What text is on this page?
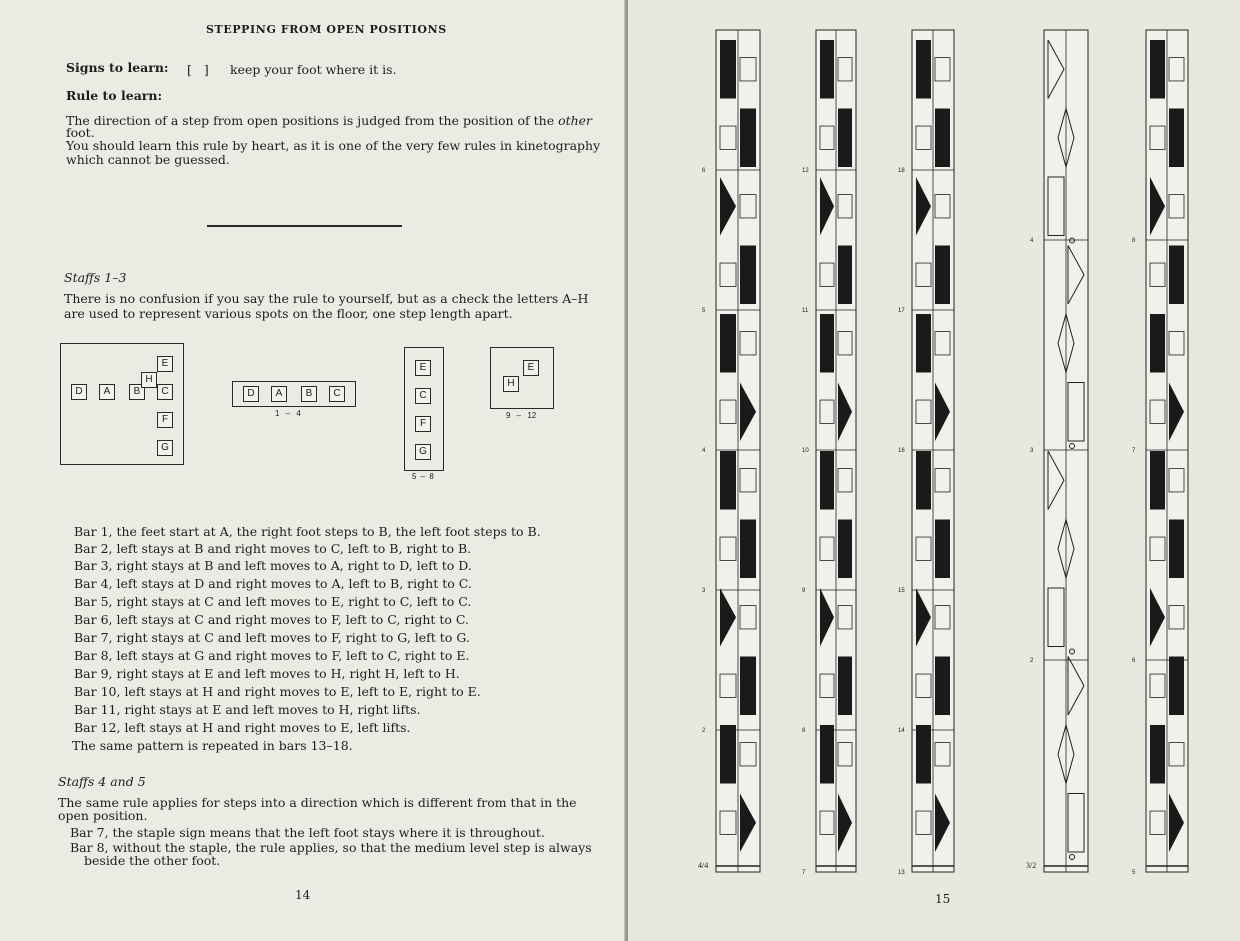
STEPPING FROM OPEN POSITIONS
Signs to learn: [ ] keep your foot where it is.
Rule to learn:
The direction of a step from open positions is judged from the position of the other
foot.
You should learn this rule by heart, as it is one of the very few rules in kinetography
which cannot be guessed.
Staffs 1–3
There is no confusion if you say the rule to yourself, but as a check the letters A–H
are used to represent various spots on the floor, one step length apart.
D	A	B	C
E
F
G
H
D	A	B	C
1 – 4
E
C
F
G
5 – 8
E
H
9 – 12
Bar 1, the feet start at A, the right foot steps to B, the left foot steps to B.
Bar 2, left stays at B and right moves to C, left to B, right to B.
Bar 3, right stays at B and left moves to A, right to D, left to D.
Bar 4, left stays at D and right moves to A, left to B, right to C.
Bar 5, right stays at C and left moves to E, right to C, left to C.
Bar 6, left stays at C and right moves to F, left to C, right to C.
Bar 7, right stays at C and left moves to F, right to G, left to G.
Bar 8, left stays at G and right moves to F, left to C, right to E.
Bar 9, right stays at E and left moves to H, right H, left to H.
Bar 10, left stays at H and right moves to E, left to E, right to E.
Bar 11, right stays at E and left moves to H, right lifts.
Bar 12, left stays at H and right moves to E, left lifts.
The same pattern is repeated in bars 13–18.
Staffs 4 and 5
The same rule applies for steps into a direction which is different from that in the
open position.
Bar 7, the staple sign means that the left foot stays where it is throughout.
Bar 8, without the staple, the rule applies, so that the medium level step is always
beside the other foot.
14
6
5
4
3
2
12
11
10
9
8
7
18
17
16
15
14
13
4
3
2
8
7
6
5
4/4	3/2
15
